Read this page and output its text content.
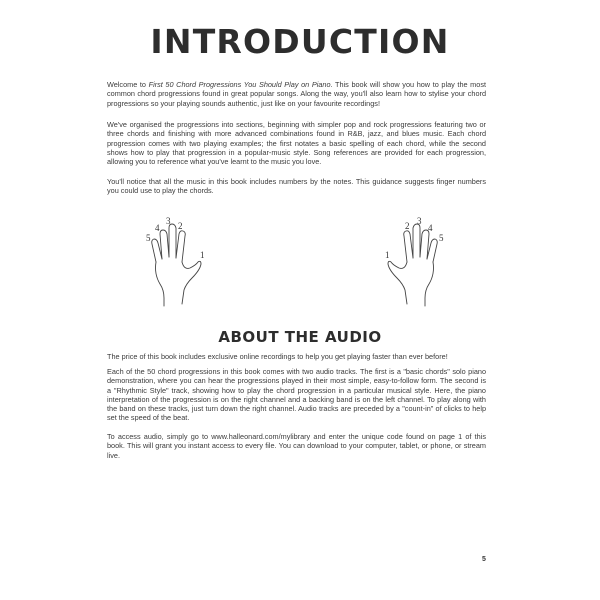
INTRODUCTION

Welcome to First 50 Chord Progressions You Should Play on Piano. This book will show you how to play the most common chord progressions found in great popular songs. Along the way, you'll also learn how to stylise your chord progressions so your playing sounds authentic, just like on your favourite recordings!

We've organised the progressions into sections, beginning with simpler pop and rock progressions featuring two or three chords and finishing with more advanced combinations found in R&B, jazz, and blues music. Each chord progression comes with two playing examples; the first notates a basic spelling of each chord, while the second shows how to play that progression in a popular-music style. Song references are provided for each progression, allowing you to reference what you've learnt to the music you love.

You'll notice that all the music in this book includes numbers by the notes. This guidance suggests finger numbers you could use to play the chords.

5
4
3 2
1	1
2 3
4
5
ABOUT THE AUDIO

The price of this book includes exclusive online recordings to help you get playing faster than ever before!

Each of the 50 chord progressions in this book comes with two audio tracks. The first is a "basic chords" solo piano demonstration, where you can hear the progressions played in their most simple, easy-to-follow form. The second is a "Rhythmic Style" track, showing how to play the chord progression in a particular musical style. Here, the piano interpretation of the progression is on the right channel and a backing band is on the left channel. To play along with the band on these tracks, just turn down the right channel. Audio tracks are preceded by a "count-in" of clicks to help set the speed of the beat.

To access audio, simply go to www.halleonard.com/mylibrary and enter the unique code found on page 1 of this book. This will grant you instant access to every file. You can download to your computer, tablet, or phone, or stream live.

5
